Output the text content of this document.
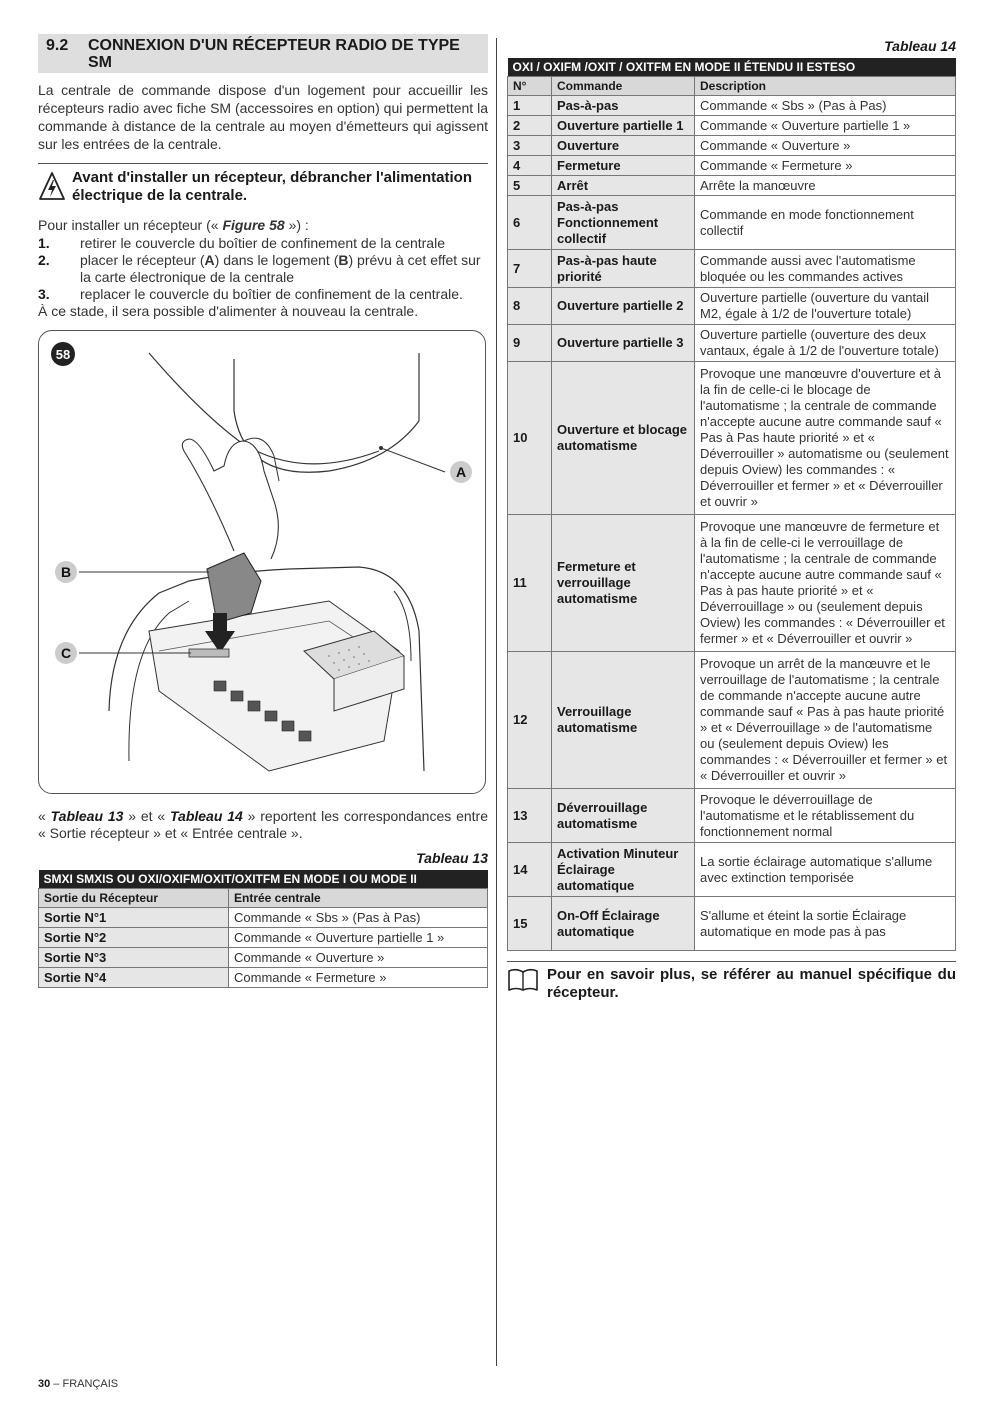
9.2	CONNEXION D'UN RÉCEPTEUR RADIO DE TYPE SM

La centrale de commande dispose d'un logement pour accueillir les récepteurs radio avec fiche SM (accessoires en option) qui permettent la commande à distance de la centrale au moyen d'émetteurs qui agissent sur les entrées de la centrale.

Avant d'installer un récepteur, débrancher l'alimentation électrique de la centrale.
Pour installer un récepteur (« Figure 58 ») :
1.	retirer le couvercle du boîtier de confinement de la centrale
2.	placer le récepteur (A) dans le logement (B) prévu à cet effet sur la carte électronique de la centrale
3.	replacer le couvercle du boîtier de confinement de la centrale.
À ce stade, il sera possible d'alimenter à nouveau la centrale.
58
A
B
C

« Tableau 13 » et « Tableau 14 » reportent les correspondances entre « Sortie récepteur » et « Entrée centrale ».

Tableau 13
SMXI SMXIS OU OXI/OXIFM/OXIT/OXITFM EN MODE I OU MODE II	
Sortie du Récepteur	Entrée centrale
Sortie N°1	Commande « Sbs » (Pas à Pas)
Sortie N°2	Commande « Ouverture partielle 1 »
Sortie N°3	Commande « Ouverture »
Sortie N°4	Commande « Fermeture »
Tableau 14
OXI / OXIFM /OXIT / OXITFM EN MODE II ÉTENDU II ESTESO		
N°	Commande	Description
1	Pas-à-pas	Commande « Sbs » (Pas à Pas)
2	Ouverture partielle 1	Commande « Ouverture partielle 1 »
3	Ouverture	Commande « Ouverture »
4	Fermeture	Commande « Fermeture »
5	Arrêt	Arrête la manœuvre
6	Pas-à-pas Fonctionnement collectif	Commande en mode fonctionnement collectif
7	Pas-à-pas haute priorité	Commande aussi avec l'automatisme bloquée ou les commandes actives
8	Ouverture partielle 2	Ouverture partielle (ouverture du vantail M2, égale à 1/2 de l'ouverture totale)
9	Ouverture partielle 3	Ouverture partielle (ouverture des deux vantaux, égale à 1/2 de l'ouverture totale)
10	Ouverture et blocage automatisme	Provoque une manœuvre d'ouverture et à la fin de celle-ci le blocage de l'automatisme ; la centrale de commande n'accepte aucune autre commande sauf « Pas à Pas haute priorité » et « Déverrouiller » automatisme ou (seulement depuis Oview) les commandes : « Déverrouiller et fermer » et « Déverrouiller et ouvrir »
11	Fermeture et verrouillage automatisme	Provoque une manœuvre de fermeture et à la fin de celle-ci le verrouillage de l'automatisme ; la centrale de commande n'accepte aucune autre commande sauf « Pas à pas haute priorité » et « Déverrouillage » ou (seulement depuis Oview) les commandes : « Déverrouiller et fermer » et « Déverrouiller et ouvrir »
12	Verrouillage automatisme	Provoque un arrêt de la manœuvre et le verrouillage de l'automatisme ; la centrale de commande n'accepte aucune autre commande sauf « Pas à pas haute priorité » et « Déverrouillage » de l'automatisme ou (seulement depuis Oview) les commandes : « Déverrouiller et fermer » et « Déverrouiller et ouvrir »
13	Déverrouillage automatisme	Provoque le déverrouillage de l'automatisme et le rétablissement du fonctionnement normal
14	Activation Minuteur Éclairage automatique	La sortie éclairage automatique s'allume avec extinction temporisée
15	On-Off Éclairage automatique	S'allume et éteint la sortie Éclairage automatique en mode pas à pas
Pour en savoir plus, se référer au manuel spécifique du récepteur.
30 – FRANÇAIS
